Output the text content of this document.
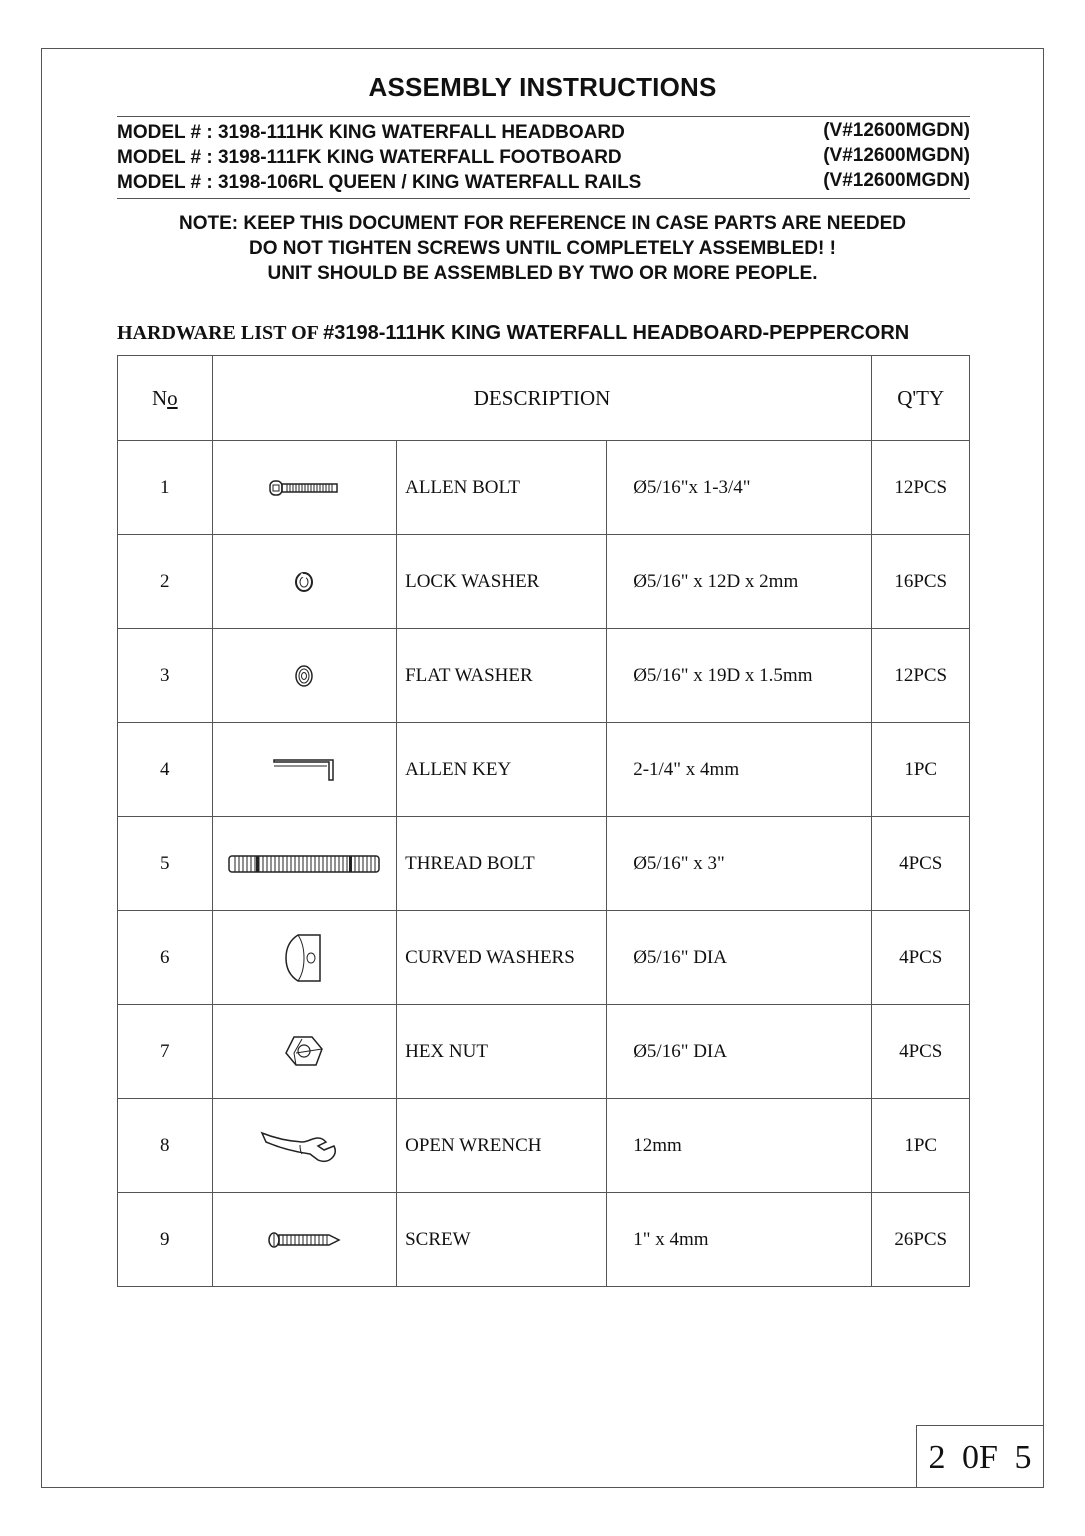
ASSEMBLY INSTRUCTIONS
MODEL # : 3198-111HK KING WATERFALL HEADBOARD	(V#12600MGDN)
MODEL # : 3198-111FK KING WATERFALL FOOTBOARD	(V#12600MGDN)
MODEL # : 3198-106RL QUEEN / KING WATERFALL RAILS	(V#12600MGDN)
NOTE: KEEP THIS DOCUMENT FOR REFERENCE IN CASE PARTS ARE NEEDED
DO NOT TIGHTEN SCREWS UNTIL COMPLETELY ASSEMBLED! !
UNIT SHOULD BE ASSEMBLED BY TWO OR MORE PEOPLE.
HARDWARE LIST OF #3198-111HK KING WATERFALL HEADBOARD-PEPPERCORN
No	DESCRIPTION			Q'TY
1		ALLEN BOLT	Ø5/16"x 1-3/4"	12PCS
2		LOCK WASHER	Ø5/16" x 12D x 2mm	16PCS
3		FLAT WASHER	Ø5/16" x 19D x 1.5mm	12PCS
4		ALLEN KEY	2-1/4" x 4mm	1PC
5		THREAD BOLT	Ø5/16" x 3"	4PCS
6		CURVED WASHERS	Ø5/16" DIA	4PCS
7		HEX NUT	Ø5/16" DIA	4PCS
8		OPEN WRENCH	12mm	1PC
9		SCREW	1" x 4mm	26PCS
2 0F 5
